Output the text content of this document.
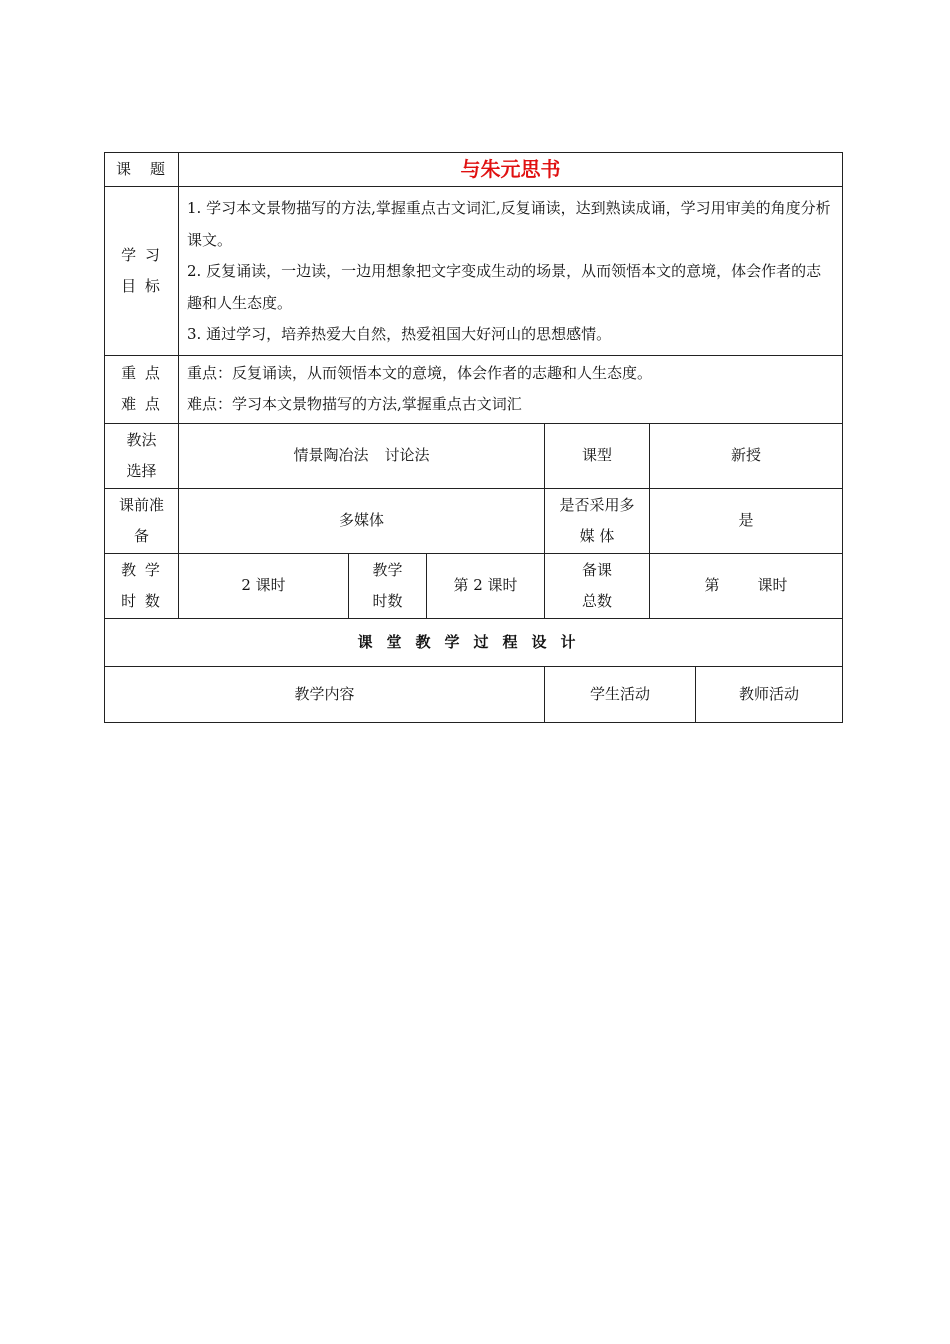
课　题	与朱元思书					

学 习 目 标	1. 学习本文景物描写的方法,掌握重点古文词汇,反复诵读，达到熟读成诵，学习用审美的角度分析课文。

2. 反复诵读，一边读，一边用想象把文字变成生动的场景，从而领悟本文的意境，体会作者的志趣和人生态度。

3. 通过学习，培养热爱大自然，热爱祖国大好河山的思想感情。					

重 点 难 点	重点：反复诵读，从而领悟本文的意境，体会作者的志趣和人生态度。

难点：学习本文景物描写的方法,掌握重点古文词汇					

教法选择	情景陶冶法 讨论法			课型	新授	

课前准备	多媒体			是否采用多媒 体	是	

教 学 时 数	2 课时	教学时数	第 2 课时	备课总数	第 课时	
课堂教学过程设计						
教学内容				学生活动		教师活动
